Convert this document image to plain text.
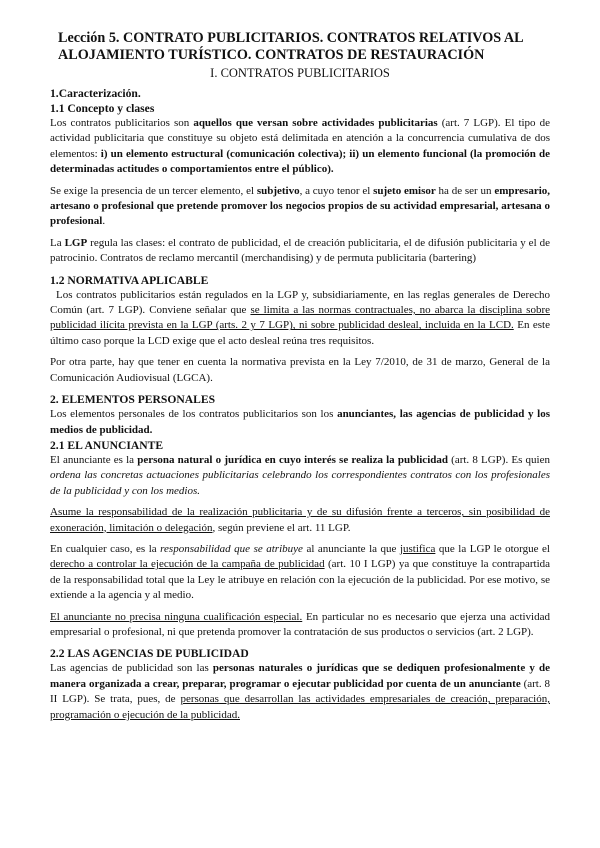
Lección 5. CONTRATO PUBLICITARIOS. CONTRATOS RELATIVOS AL ALOJAMIENTO TURÍSTICO. CONTRATOS DE RESTAURACIÓN
I. CONTRATOS PUBLICITARIOS
1.Caracterización.
1.1 Concepto y clases

Los contratos publicitarios son aquellos que versan sobre actividades publicitarias (art. 7 LGP). El tipo de actividad publicitaria que constituye su objeto está delimitada en atención a la concurrencia cumulativa de dos elementos: i) un elemento estructural (comunicación colectiva); ii) un elemento funcional (la promoción de determinadas actitudes o comportamientos entre el público).

Se exige la presencia de un tercer elemento, el subjetivo, a cuyo tenor el sujeto emisor ha de ser un empresario, artesano o profesional que pretende promover los negocios propios de su actividad empresarial, artesana o profesional.

La LGP regula las clases: el contrato de publicidad, el de creación publicitaria, el de difusión publicitaria y el de patrocinio. Contratos de reclamo mercantil (merchandising) y de permuta publicitaria (bartering)

1.2 NORMATIVA APLICABLE

Los contratos publicitarios están regulados en la LGP y, subsidiariamente, en las reglas generales de Derecho Común (art. 7 LGP). Conviene señalar que se limita a las normas contractuales, no abarca la disciplina sobre publicidad ilícita prevista en la LGP (arts. 2 y 7 LGP), ni sobre publicidad desleal, incluida en la LCD. En este último caso porque la LCD exige que el acto desleal reúna tres requisitos.

Por otra parte, hay que tener en cuenta la normativa prevista en la Ley 7/2010, de 31 de marzo, General de la Comunicación Audiovisual (LGCA).

2. ELEMENTOS PERSONALES

Los elementos personales de los contratos publicitarios son los anunciantes, las agencias de publicidad y los medios de publicidad.

2.1 EL ANUNCIANTE

El anunciante es la persona natural o jurídica en cuyo interés se realiza la publicidad (art. 8 LGP). Es quien ordena las concretas actuaciones publicitarias celebrando los correspondientes contratos con los profesionales de la publicidad y con los medios.

Asume la responsabilidad de la realización publicitaria y de su difusión frente a terceros, sin posibilidad de exoneración, limitación o delegación, según previene el art. 11 LGP.

En cualquier caso, es la responsabilidad que se atribuye al anunciante la que justifica que la LGP le otorgue el derecho a controlar la ejecución de la campaña de publicidad (art. 10 I LGP) ya que constituye la contrapartida de la responsabilidad total que la Ley le atribuye en relación con la ejecución de la publicidad. Por ese motivo, se extiende a la agencia y al medio.

El anunciante no precisa ninguna cualificación especial. En particular no es necesario que ejerza una actividad empresarial o profesional, ni que pretenda promover la contratación de sus productos o servicios (art. 2 LGP).

2.2 LAS AGENCIAS DE PUBLICIDAD

Las agencias de publicidad son las personas naturales o jurídicas que se dediquen profesionalmente y de manera organizada a crear, preparar, programar o ejecutar publicidad por cuenta de un anunciante (art. 8 II LGP). Se trata, pues, de personas que desarrollan las actividades empresariales de creación, preparación, programación o ejecución de la publicidad.
